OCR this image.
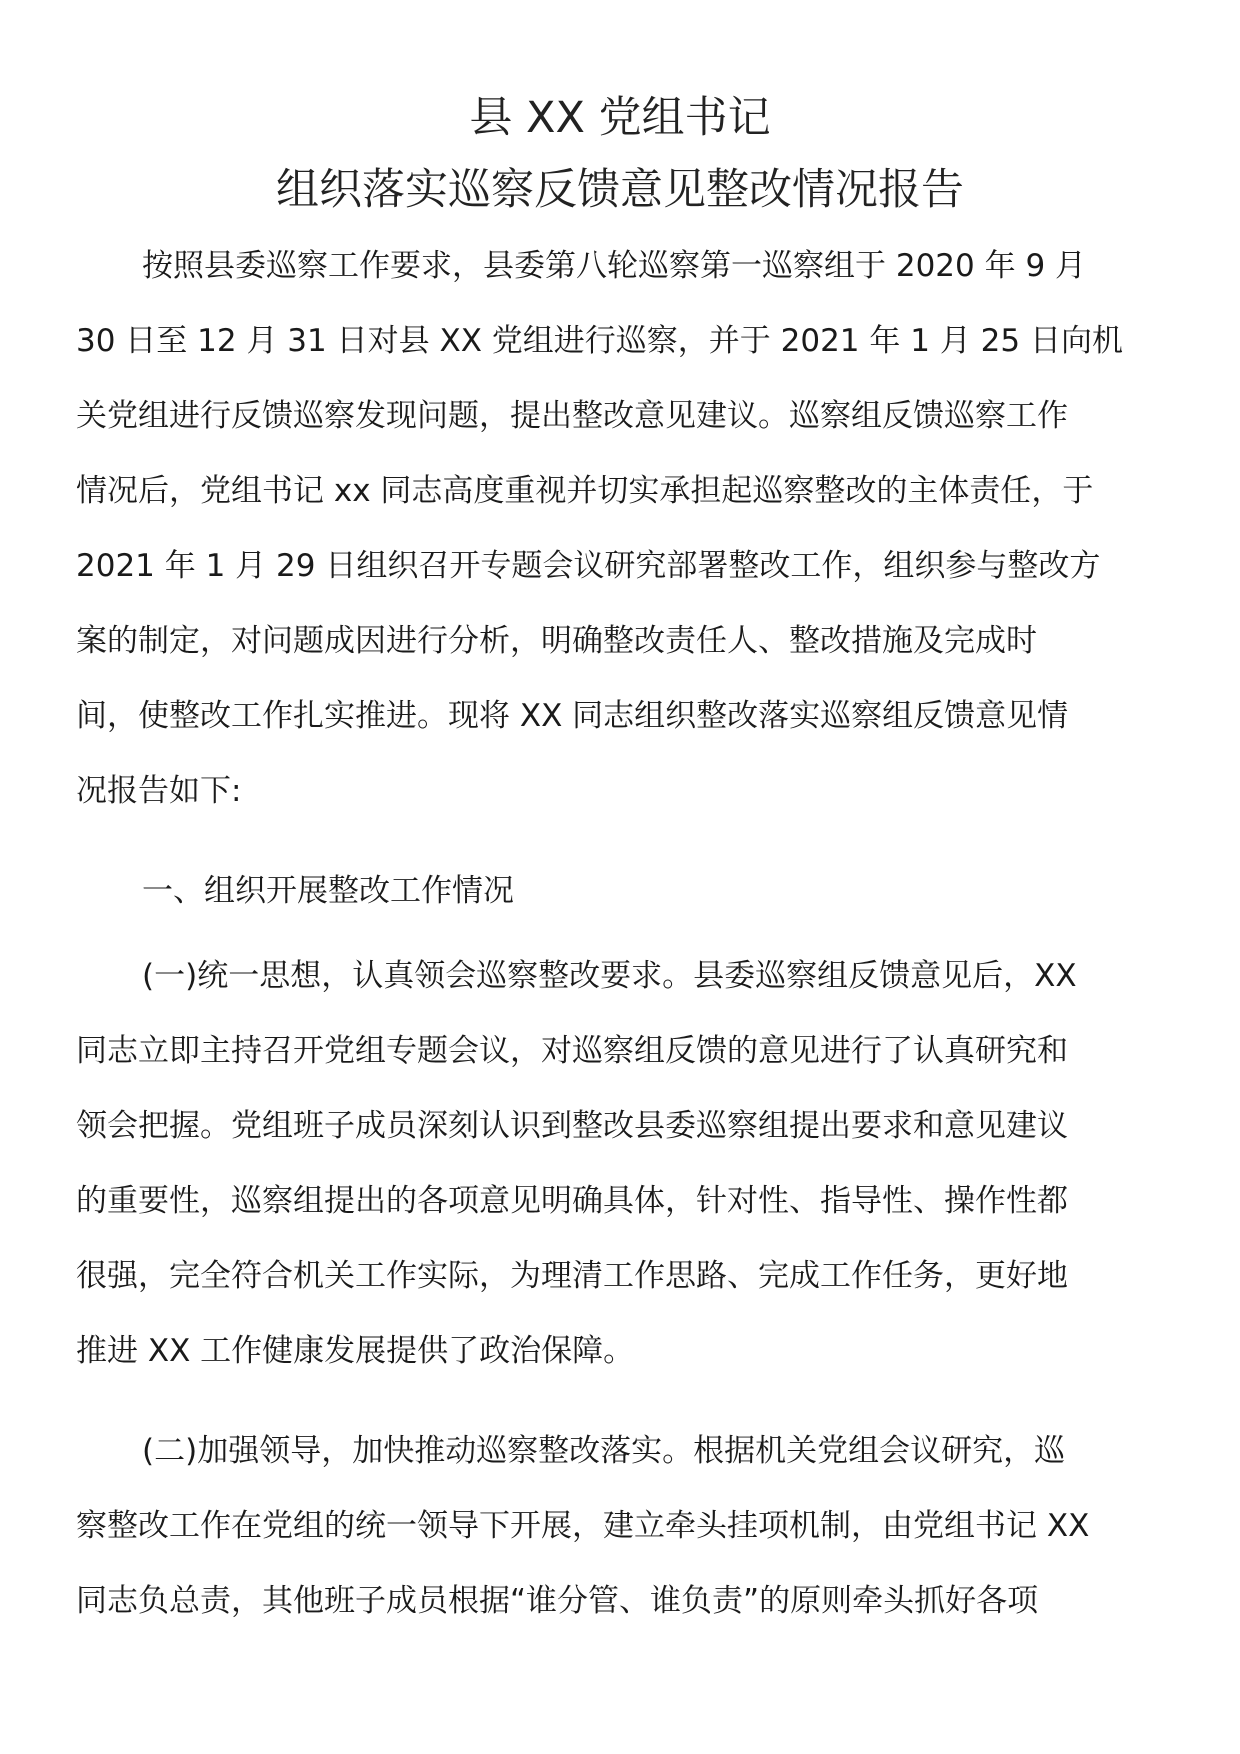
县 XX 党组书记
组织落实巡察反馈意见整改情况报告
按照县委巡察工作要求，县委第八轮巡察第一巡察组于 2020 年 9 月
30 日至 12 月 31 日对县 XX 党组进行巡察，并于 2021 年 1 月 25 日向机
关党组进行反馈巡察发现问题，提出整改意见建议。巡察组反馈巡察工作
情况后，党组书记 xx 同志高度重视并切实承担起巡察整改的主体责任，于
2021 年 1 月 29 日组织召开专题会议研究部署整改工作，组织参与整改方
案的制定，对问题成因进行分析，明确整改责任人、整改措施及完成时
间，使整改工作扎实推进。现将 XX 同志组织整改落实巡察组反馈意见情
况报告如下:
一、组织开展整改工作情况
(一)统一思想，认真领会巡察整改要求。县委巡察组反馈意见后，XX
同志立即主持召开党组专题会议，对巡察组反馈的意见进行了认真研究和
领会把握。党组班子成员深刻认识到整改县委巡察组提出要求和意见建议
的重要性，巡察组提出的各项意见明确具体，针对性、指导性、操作性都
很强，完全符合机关工作实际，为理清工作思路、完成工作任务，更好地
推进 XX 工作健康发展提供了政治保障。
(二)加强领导，加快推动巡察整改落实。根据机关党组会议研究，巡
察整改工作在党组的统一领导下开展，建立牵头挂项机制，由党组书记 XX
同志负总责，其他班子成员根据“谁分管、谁负责”的原则牵头抓好各项
